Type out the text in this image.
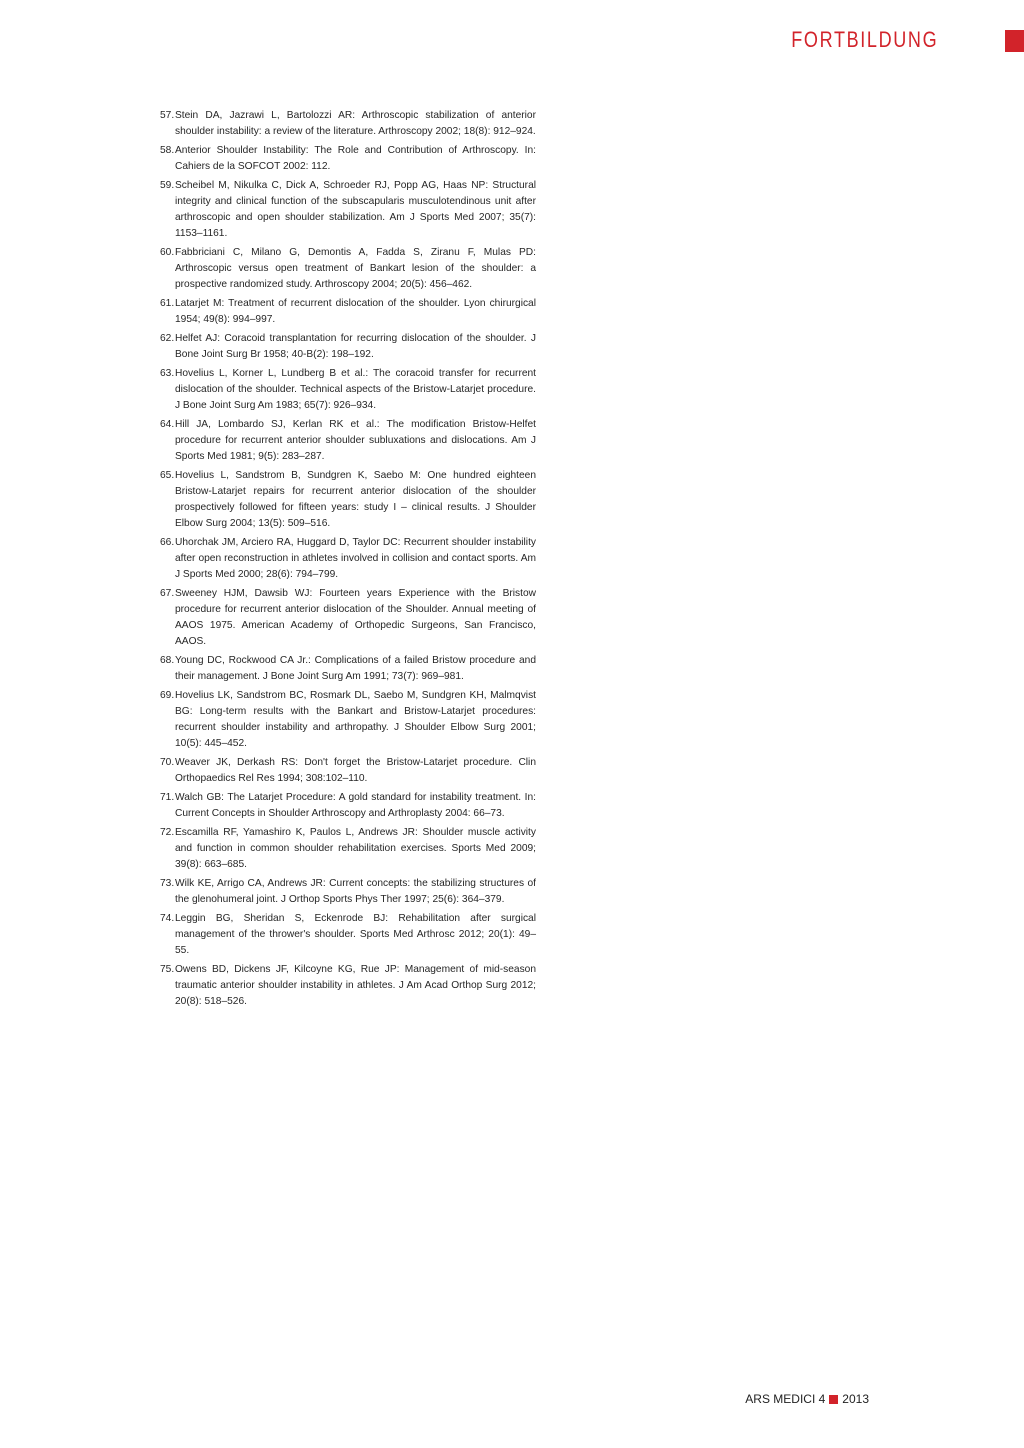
FORTBILDUNG
57. Stein DA, Jazrawi L, Bartolozzi AR: Arthroscopic stabilization of anterior shoulder instability: a review of the literature. Arthroscopy 2002; 18(8): 912–924.
58. Anterior Shoulder Instability: The Role and Contribution of Arthroscopy. In: Cahiers de la SOFCOT 2002: 112.
59. Scheibel M, Nikulka C, Dick A, Schroeder RJ, Popp AG, Haas NP: Structural integrity and clinical function of the subscapularis musculotendinous unit after arthroscopic and open shoulder stabilization. Am J Sports Med 2007; 35(7): 1153–1161.
60. Fabbriciani C, Milano G, Demontis A, Fadda S, Ziranu F, Mulas PD: Arthroscopic versus open treatment of Bankart lesion of the shoulder: a prospective randomized study. Arthroscopy 2004; 20(5): 456–462.
61. Latarjet M: Treatment of recurrent dislocation of the shoulder. Lyon chirurgical 1954; 49(8): 994–997.
62. Helfet AJ: Coracoid transplantation for recurring dislocation of the shoulder. J Bone Joint Surg Br 1958; 40-B(2): 198–192.
63. Hovelius L, Korner L, Lundberg B et al.: The coracoid transfer for recurrent dislocation of the shoulder. Technical aspects of the Bristow-Latarjet procedure. J Bone Joint Surg Am 1983; 65(7): 926–934.
64. Hill JA, Lombardo SJ, Kerlan RK et al.: The modification Bristow-Helfet procedure for recurrent anterior shoulder subluxations and dislocations. Am J Sports Med 1981; 9(5): 283–287.
65. Hovelius L, Sandstrom B, Sundgren K, Saebo M: One hundred eighteen Bristow-Latarjet repairs for recurrent anterior dislocation of the shoulder prospectively followed for fifteen years: study I – clinical results. J Shoulder Elbow Surg 2004; 13(5): 509–516.
66. Uhorchak JM, Arciero RA, Huggard D, Taylor DC: Recurrent shoulder instability after open reconstruction in athletes involved in collision and contact sports. Am J Sports Med 2000; 28(6): 794–799.
67. Sweeney HJM, Dawsib WJ: Fourteen years Experience with the Bristow procedure for recurrent anterior dislocation of the Shoulder. Annual meeting of AAOS 1975. American Academy of Orthopedic Surgeons, San Francisco, AAOS.
68. Young DC, Rockwood CA Jr.: Complications of a failed Bristow procedure and their management. J Bone Joint Surg Am 1991; 73(7): 969–981.
69. Hovelius LK, Sandstrom BC, Rosmark DL, Saebo M, Sundgren KH, Malmqvist BG: Long-term results with the Bankart and Bristow-Latarjet procedures: recurrent shoulder instability and arthropathy. J Shoulder Elbow Surg 2001; 10(5): 445–452.
70. Weaver JK, Derkash RS: Don't forget the Bristow-Latarjet procedure. Clin Orthopaedics Rel Res 1994; 308:102–110.
71. Walch GB: The Latarjet Procedure: A gold standard for instability treatment. In: Current Concepts in Shoulder Arthroscopy and Arthroplasty 2004: 66–73.
72. Escamilla RF, Yamashiro K, Paulos L, Andrews JR: Shoulder muscle activity and function in common shoulder rehabilitation exercises. Sports Med 2009; 39(8): 663–685.
73. Wilk KE, Arrigo CA, Andrews JR: Current concepts: the stabilizing structures of the glenohumeral joint. J Orthop Sports Phys Ther 1997; 25(6): 364–379.
74. Leggin BG, Sheridan S, Eckenrode BJ: Rehabilitation after surgical management of the thrower's shoulder. Sports Med Arthrosc 2012; 20(1): 49–55.
75. Owens BD, Dickens JF, Kilcoyne KG, Rue JP: Management of mid-season traumatic anterior shoulder instability in athletes. J Am Acad Orthop Surg 2012; 20(8): 518–526.
ARS MEDICI 4 2013
